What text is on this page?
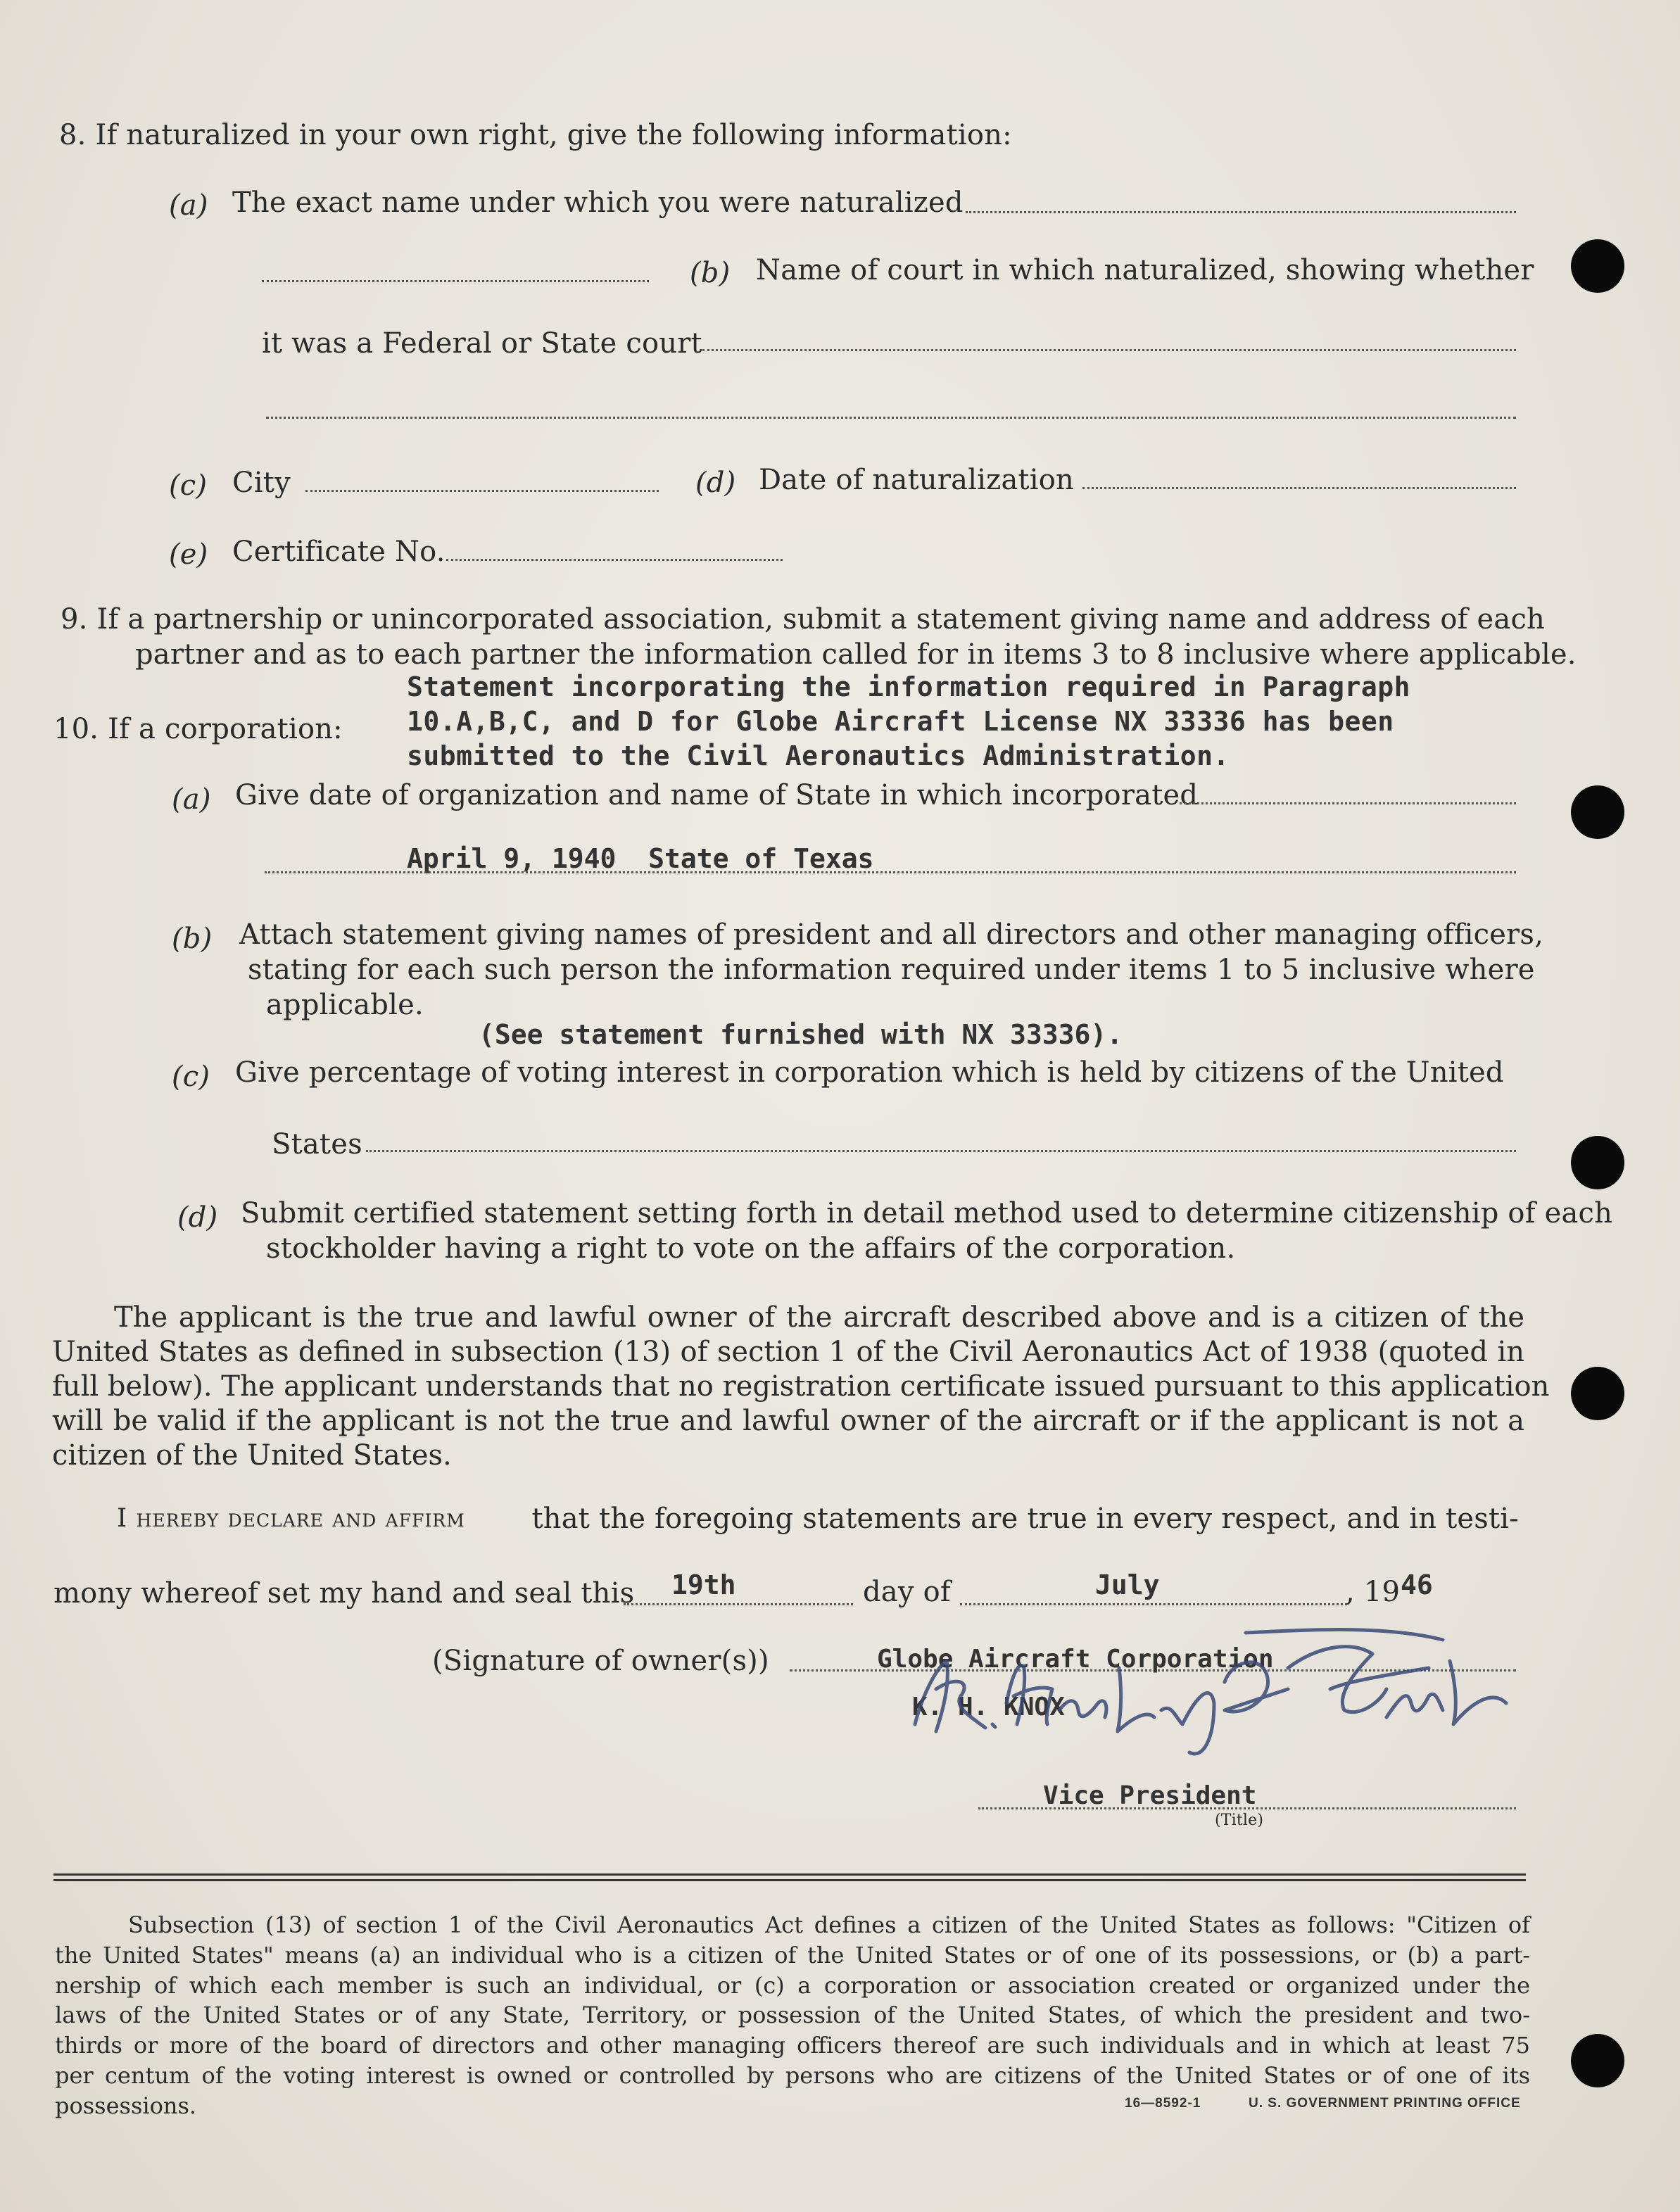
8. If naturalized in your own right, give the following information:
(a) The exact name under which you were naturalized
(b) Name of court in which naturalized, showing whether
it was a Federal or State court
(c) City	(d) Date of naturalization
(e) Certificate No.
9. If a partnership or unincorporated association, submit a statement giving name and address of each
partner and as to each partner the information called for in items 3 to 8 inclusive where applicable.
10. If a corporation:
Statement incorporating the information required in Paragraph
10.A,B,C, and D for Globe Aircraft License NX 33336 has been
submitted to the Civil Aeronautics Administration.
(a) Give date of organization and name of State in which incorporated
April 9, 1940  State of Texas
(b) Attach statement giving names of president and all directors and other managing officers,
stating for each such person the information required under items 1 to 5 inclusive where
applicable.
(See statement furnished with NX 33336).
(c) Give percentage of voting interest in corporation which is held by citizens of the United
States
(d) Submit certified statement setting forth in detail method used to determine citizenship of each
stockholder having a right to vote on the affairs of the corporation.
The applicant is the true and lawful owner of the aircraft described above and is a citizen of the
United States as defined in subsection (13) of section 1 of the Civil Aeronautics Act of 1938 (quoted in
full below). The applicant understands that no registration certificate issued pursuant to this application
will be valid if the applicant is not the true and lawful owner of the aircraft or if the applicant is not a
citizen of the United States.
I hereby declare and affirm that the foregoing statements are true in every respect, and in testi-
mony whereof set my hand and seal this 19th	day of	July	, 19 46
(Signature of owner(s))	Globe Aircraft Corporation
K. H. KNOX
Vice President
(Title)
Subsection (13) of section 1 of the Civil Aeronautics Act defines a citizen of the United States as follows: "Citizen of
the United States" means (a) an individual who is a citizen of the United States or of one of its possessions, or (b) a part-
nership of which each member is such an individual, or (c) a corporation or association created or organized under the
laws of the United States or of any State, Territory, or possession of the United States, of which the president and two-
thirds or more of the board of directors and other managing officers thereof are such individuals and in which at least 75
per centum of the voting interest is owned or controlled by persons who are citizens of the United States or of one of its
possessions.	16—8592-1	U. S. GOVERNMENT PRINTING OFFICE
